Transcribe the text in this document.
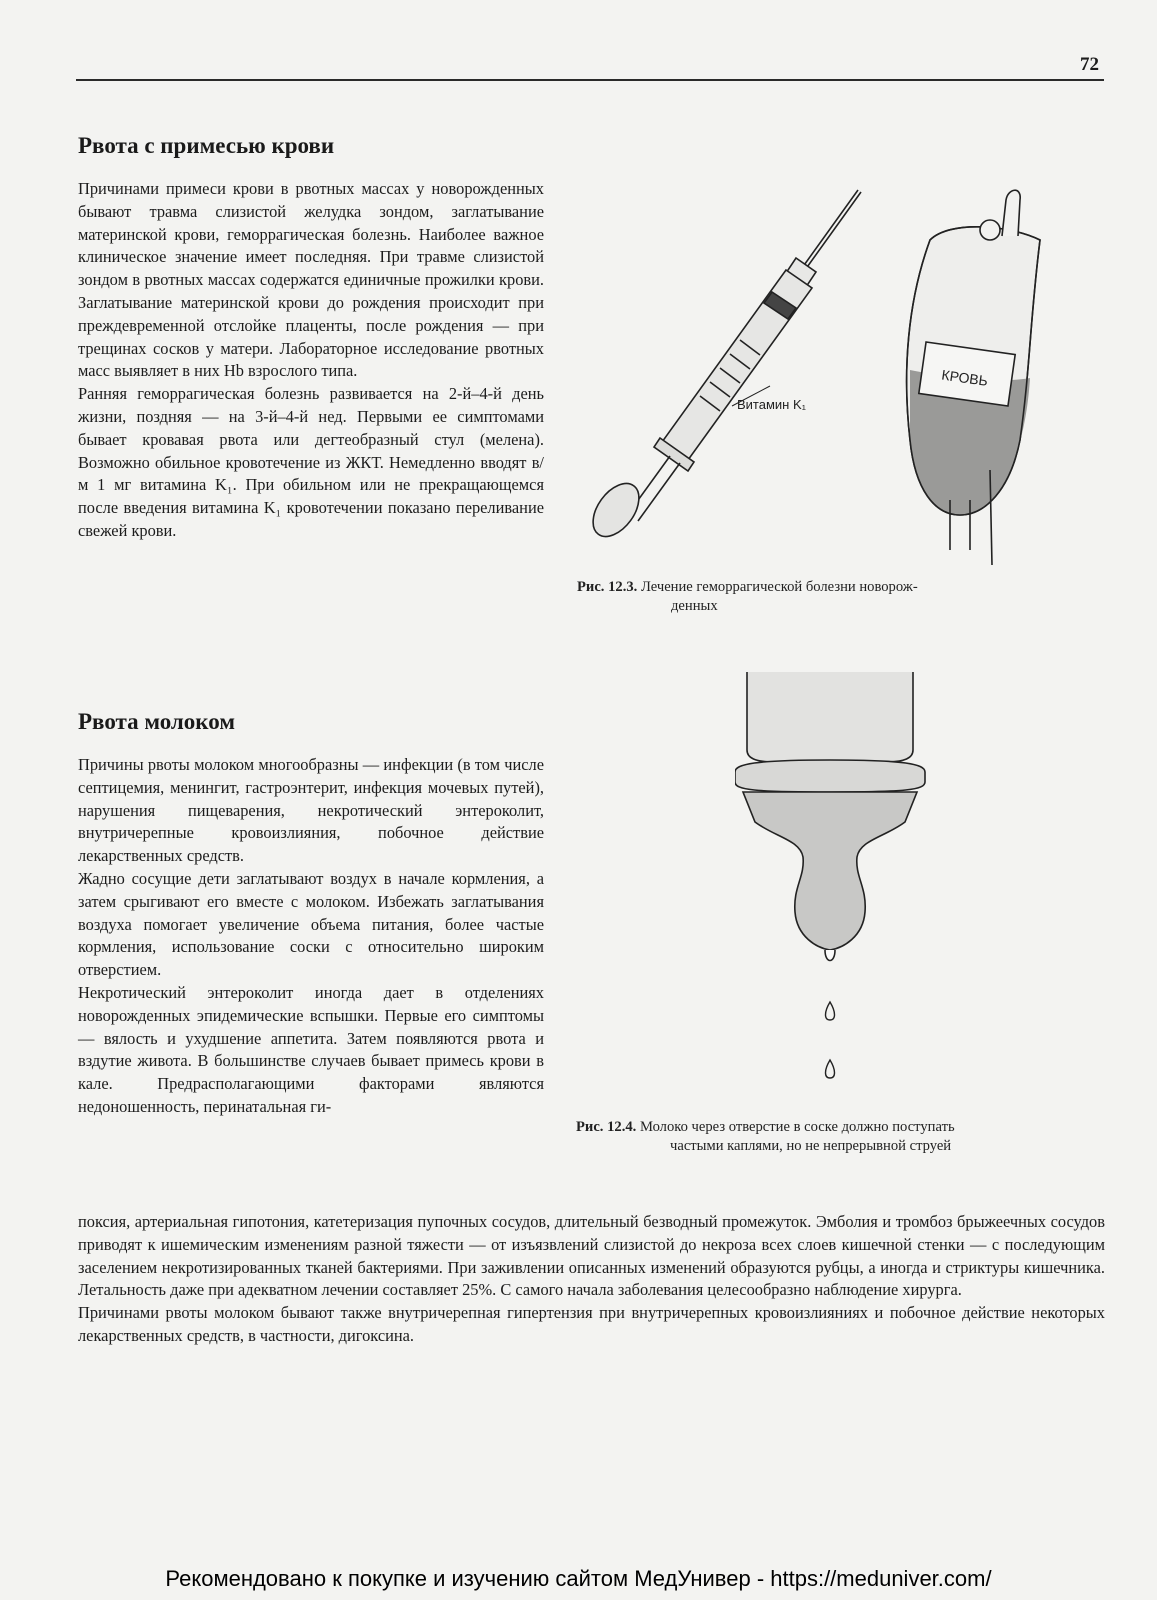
72
Рвота с примесью крови

Причинами примеси крови в рвотных массах у новорожденных бывают травма слизистой желудка зондом, заглатывание материнской крови, геморрагическая болезнь. Наиболее важное клиническое значение имеет последняя. При травме слизистой зондом в рвотных массах содержатся единичные прожилки крови. Заглатывание материнской крови до рождения происходит при преждевременной отслойке плаценты, после рождения — при трещинах сосков у матери. Лабораторное исследование рвотных масс выявляет в них Hb взрослого типа.

Ранняя геморрагическая болезнь развивается на 2-й–4-й день жизни, поздняя — на 3-й–4-й нед. Первыми ее симптомами бывает кровавая рвота или дегтеобразный стул (мелена). Возможно обильное кровотечение из ЖКТ. Немедленно вводят в/м 1 мг витамина K₁. При обильном или не прекращающемся после введения витамина K₁ кровотечении показано переливание свежей крови.

Рвота молоком

Причины рвоты молоком многообразны — инфекции (в том числе септицемия, менингит, гастроэнтерит, инфекция мочевых путей), нарушения пищеварения, некротический энтероколит, внутричерепные кровоизлияния, побочное действие лекарственных средств.

Жадно сосущие дети заглатывают воздух в начале кормления, а затем срыгивают его вместе с молоком. Избежать заглатывания воздуха помогает увеличение объема питания, более частые кормления, использование соски с относительно широким отверстием.

Некротический энтероколит иногда дает в отделениях новорожденных эпидемические вспышки. Первые его симптомы — вялость и ухудшение аппетита. Затем появляются рвота и вздутие живота. В большинстве случаев бывает примесь крови в кале. Предрасполагающими факторами являются недоношенность, перинатальная ги-

поксия, артериальная гипотония, катетеризация пупочных сосудов, длительный безводный промежуток. Эмболия и тромбоз брыжеечных сосудов приводят к ишемическим изменениям разной тяжести — от изъязвлений слизистой до некроза всех слоев кишечной стенки — с последующим заселением некротизированных тканей бактериями. При заживлении описанных изменений образуются рубцы, а иногда и стриктуры кишечника. Летальность даже при адекватном лечении составляет 25%. С самого начала заболевания целесообразно наблюдение хирурга.

Причинами рвоты молоком бывают также внутричерепная гипертензия при внутричерепных кровоизлияниях и побочное действие некоторых лекарственных средств, в частности, дигоксина.

Витамин K₁
КРОВЬ
Рис. 12.3. Лечение геморрагической болезни новорож-
денных
Рис. 12.4. Молоко через отверстие в соске должно поступать
частыми каплями, но не непрерывной струей
Рекомендовано к покупке и изучению сайтом МедУнивер - https://meduniver.com/
